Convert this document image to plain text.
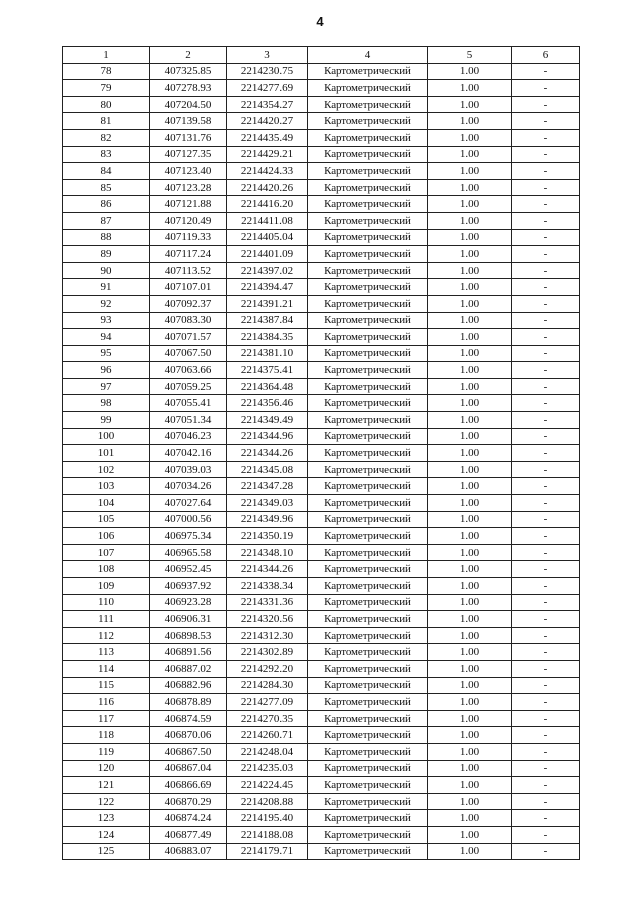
4
1	2	3	4	5	6
78	407325.85	2214230.75	Картометрический	1.00	-
79	407278.93	2214277.69	Картометрический	1.00	-
80	407204.50	2214354.27	Картометрический	1.00	-
81	407139.58	2214420.27	Картометрический	1.00	-
82	407131.76	2214435.49	Картометрический	1.00	-
83	407127.35	2214429.21	Картометрический	1.00	-
84	407123.40	2214424.33	Картометрический	1.00	-
85	407123.28	2214420.26	Картометрический	1.00	-
86	407121.88	2214416.20	Картометрический	1.00	-
87	407120.49	2214411.08	Картометрический	1.00	-
88	407119.33	2214405.04	Картометрический	1.00	-
89	407117.24	2214401.09	Картометрический	1.00	-
90	407113.52	2214397.02	Картометрический	1.00	-
91	407107.01	2214394.47	Картометрический	1.00	-
92	407092.37	2214391.21	Картометрический	1.00	-
93	407083.30	2214387.84	Картометрический	1.00	-
94	407071.57	2214384.35	Картометрический	1.00	-
95	407067.50	2214381.10	Картометрический	1.00	-
96	407063.66	2214375.41	Картометрический	1.00	-
97	407059.25	2214364.48	Картометрический	1.00	-
98	407055.41	2214356.46	Картометрический	1.00	-
99	407051.34	2214349.49	Картометрический	1.00	-
100	407046.23	2214344.96	Картометрический	1.00	-
101	407042.16	2214344.26	Картометрический	1.00	-
102	407039.03	2214345.08	Картометрический	1.00	-
103	407034.26	2214347.28	Картометрический	1.00	-
104	407027.64	2214349.03	Картометрический	1.00	-
105	407000.56	2214349.96	Картометрический	1.00	-
106	406975.34	2214350.19	Картометрический	1.00	-
107	406965.58	2214348.10	Картометрический	1.00	-
108	406952.45	2214344.26	Картометрический	1.00	-
109	406937.92	2214338.34	Картометрический	1.00	-
110	406923.28	2214331.36	Картометрический	1.00	-
111	406906.31	2214320.56	Картометрический	1.00	-
112	406898.53	2214312.30	Картометрический	1.00	-
113	406891.56	2214302.89	Картометрический	1.00	-
114	406887.02	2214292.20	Картометрический	1.00	-
115	406882.96	2214284.30	Картометрический	1.00	-
116	406878.89	2214277.09	Картометрический	1.00	-
117	406874.59	2214270.35	Картометрический	1.00	-
118	406870.06	2214260.71	Картометрический	1.00	-
119	406867.50	2214248.04	Картометрический	1.00	-
120	406867.04	2214235.03	Картометрический	1.00	-
121	406866.69	2214224.45	Картометрический	1.00	-
122	406870.29	2214208.88	Картометрический	1.00	-
123	406874.24	2214195.40	Картометрический	1.00	-
124	406877.49	2214188.08	Картометрический	1.00	-
125	406883.07	2214179.71	Картометрический	1.00	-
